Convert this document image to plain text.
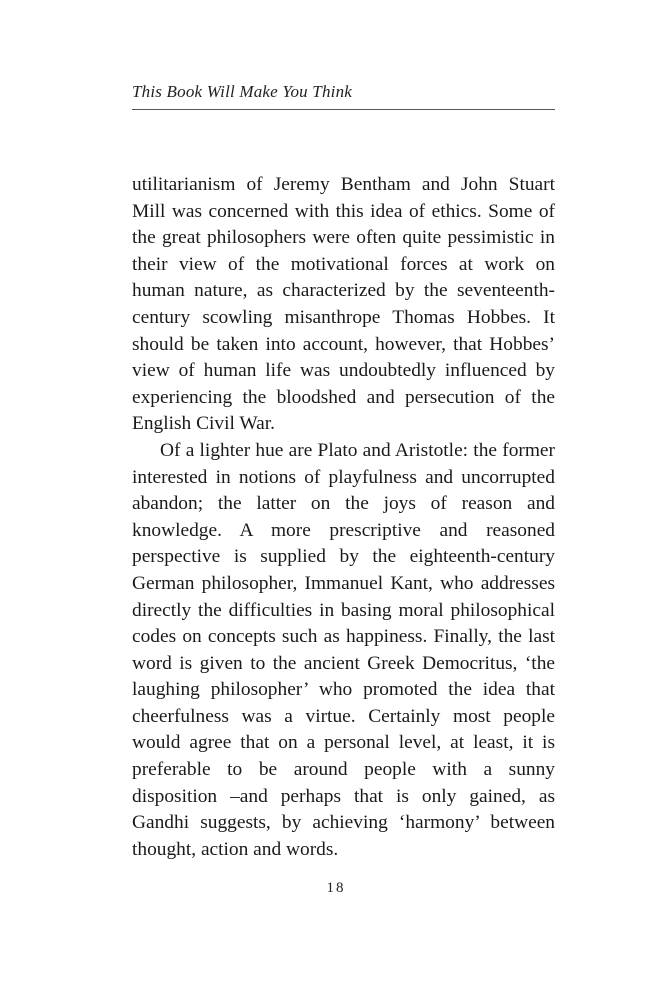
This Book Will Make You Think

utilitarianism of Jeremy Bentham and John Stuart Mill was concerned with this idea of ethics. Some of the great philosophers were often quite pessimistic in their view of the motivational forces at work on human nature, as characterized by the seventeenth-century scowling misanthrope Thomas Hobbes. It should be taken into account, however, that Hobbes’ view of human life was undoubtedly influenced by experiencing the bloodshed and persecution of the English Civil War.

Of a lighter hue are Plato and Aristotle: the former interested in notions of playfulness and uncorrupted abandon; the latter on the joys of reason and knowledge. A more prescriptive and reasoned perspective is supplied by the eighteenth-century German philosopher, Immanuel Kant, who addresses directly the difficulties in basing moral philosophical codes on concepts such as happiness. Finally, the last word is given to the ancient Greek Democritus, ‘the laughing philosopher’ who promoted the idea that cheerfulness was a virtue. Certainly most people would agree that on a personal level, at least, it is preferable to be around people with a sunny disposition –and perhaps that is only gained, as Gandhi suggests, by achieving ‘harmony’ between thought, action and words.

18
